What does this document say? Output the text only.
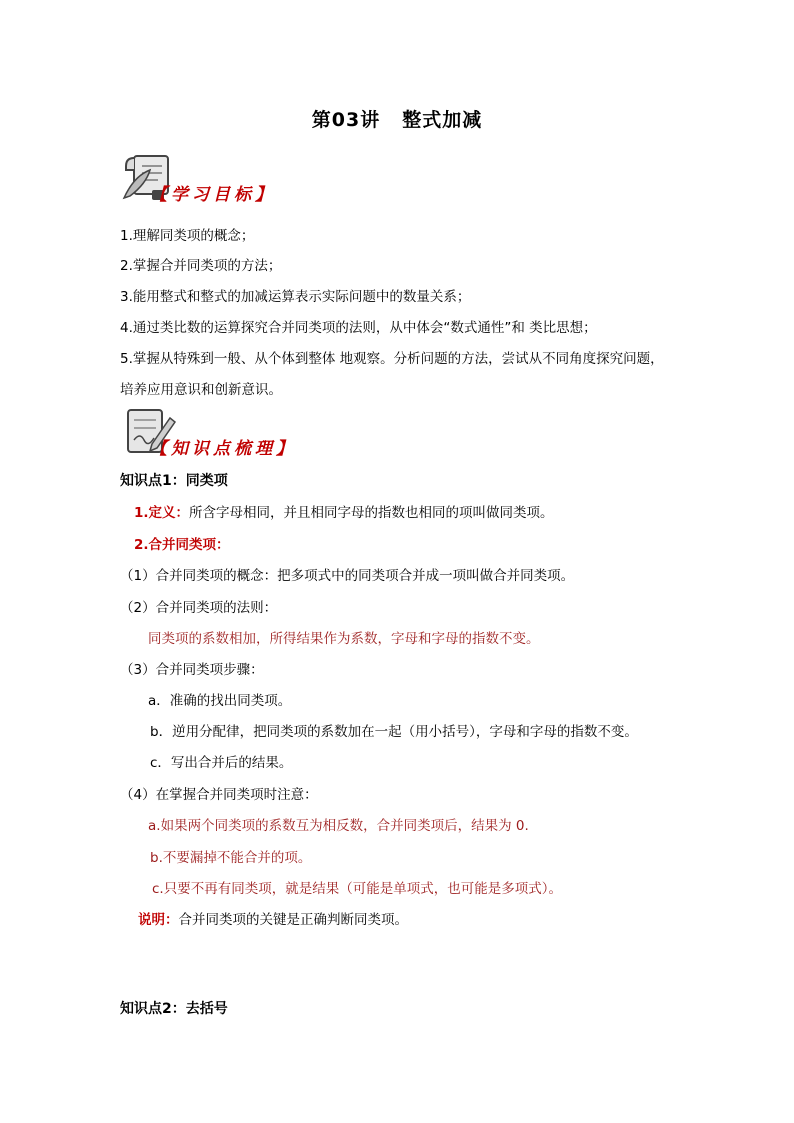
第03讲 整式加减
【学习目标】
1.理解同类项的概念；
2.掌握合并同类项的方法；
3.能用整式和整式的加减运算表示实际问题中的数量关系；
4.通过类比数的运算探究合并同类项的法则，从中体会“数式通性”和 类比思想；
5.掌握从特殊到一般、从个体到整体 地观察。分析问题的方法，尝试从不同角度探究问题，
培养应用意识和创新意识。
【知识点梳理】
知识点1：同类项
1.定义：所含字母相同，并且相同字母的指数也相同的项叫做同类项。
2.合并同类项：
（1）合并同类项的概念：把多项式中的同类项合并成一项叫做合并同类项。
（2）合并同类项的法则：
同类项的系数相加，所得结果作为系数，字母和字母的指数不变。
（3）合并同类项步骤：
a．准确的找出同类项。
b．逆用分配律，把同类项的系数加在一起（用小括号），字母和字母的指数不变。
c．写出合并后的结果。
（4）在掌握合并同类项时注意：
a.如果两个同类项的系数互为相反数，合并同类项后，结果为 0.
b.不要漏掉不能合并的项。
c.只要不再有同类项，就是结果（可能是单项式，也可能是多项式）。
说明：合并同类项的关键是正确判断同类项。
知识点2：去括号
